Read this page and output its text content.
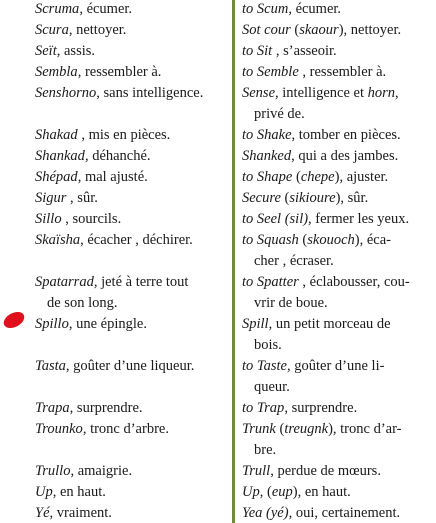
Scruma, écumer.
Scura, nettoyer.
Seït, assis.
Sembla, ressembler à.
Senshorno, sans intelligence.
Shakad , mis en pièces.
Shankad, déhanché.
Shépad, mal ajusté.
Sigur , sûr.
Sillo , sourcils.
Skaïsha, écacher , déchirer.
Spatarrad, jeté à terre tout
de son long.
Spillo, une épingle.
Tasta, goûter d’une liqueur.
Trapa, surprendre.
Trounko, tronc d’arbre.
Trullo, amaigrie.
Up, en haut.
Yé, vraiment.
to Scum, écumer.
Sot cour (skaour), nettoyer.
to Sit , s’asseoir.
to Semble , ressembler à.
Sense, intelligence et horn,
privé de.
to Shake, tomber en pièces.
Shanked, qui a des jambes.
to Shape (chepe), ajuster.
Secure (sikioure), sûr.
to Seel (sil), fermer les yeux.
to Squash (skouoch), éca-
cher , écraser.
to Spatter , éclabousser, cou-
vrir de boue.
Spill, un petit morceau de
bois.
to Taste, goûter d’une li-
queur.
to Trap, surprendre.
Trunk (treugnk), tronc d’ar-
bre.
Trull, perdue de mœurs.
Up, (eup), en haut.
Yea (yé), oui, certainement.
